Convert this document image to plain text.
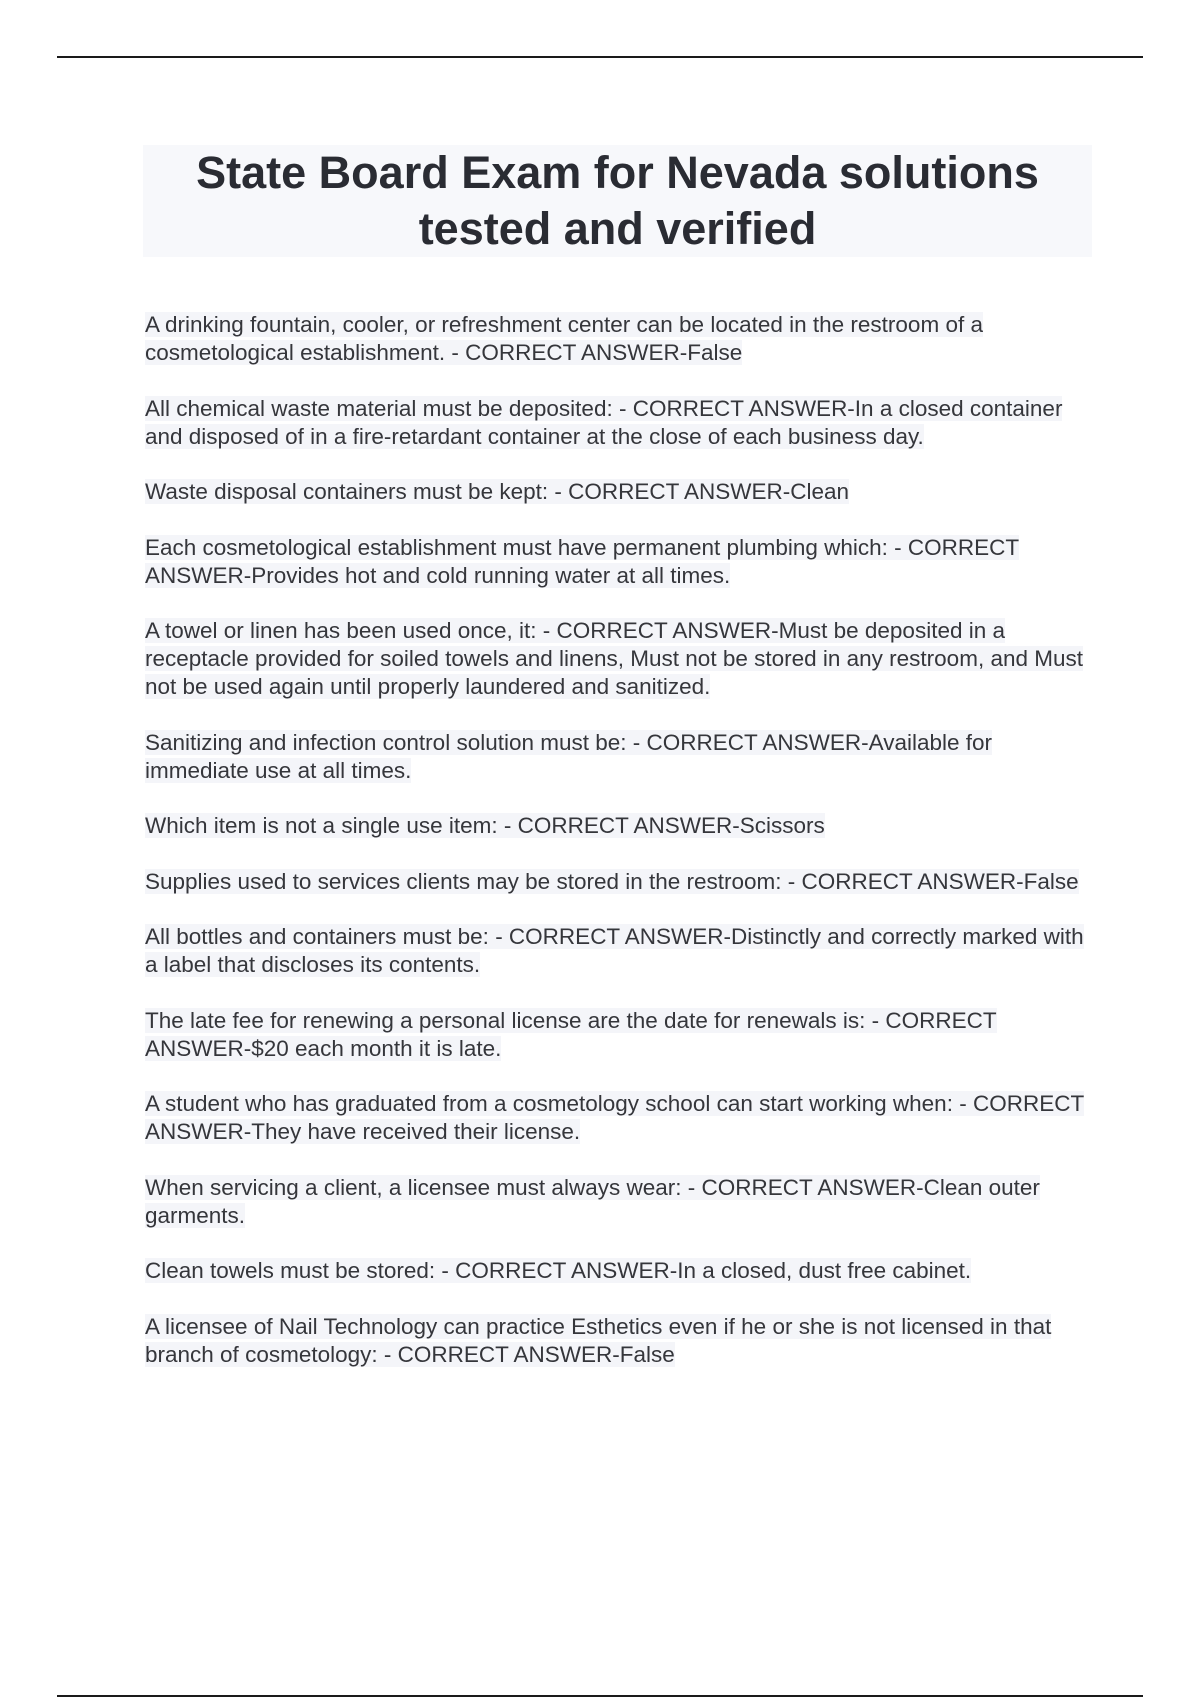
State Board Exam for Nevada solutions tested and verified

A drinking fountain, cooler, or refreshment center can be located in the restroom of a cosmetological establishment. - CORRECT ANSWER-False

All chemical waste material must be deposited: - CORRECT ANSWER-In a closed container and disposed of in a fire-retardant container at the close of each business day.

Waste disposal containers must be kept: - CORRECT ANSWER-Clean

Each cosmetological establishment must have permanent plumbing which: - CORRECT ANSWER-Provides hot and cold running water at all times.

A towel or linen has been used once, it: - CORRECT ANSWER-Must be deposited in a receptacle provided for soiled towels and linens, Must not be stored in any restroom, and Must not be used again until properly laundered and sanitized.

Sanitizing and infection control solution must be: - CORRECT ANSWER-Available for immediate use at all times.

Which item is not a single use item: - CORRECT ANSWER-Scissors

Supplies used to services clients may be stored in the restroom: - CORRECT ANSWER-False

All bottles and containers must be: - CORRECT ANSWER-Distinctly and correctly marked with a label that discloses its contents.

The late fee for renewing a personal license are the date for renewals is: - CORRECT ANSWER-$20 each month it is late.

A student who has graduated from a cosmetology school can start working when: - CORRECT ANSWER-They have received their license.

When servicing a client, a licensee must always wear: - CORRECT ANSWER-Clean outer garments.

Clean towels must be stored: - CORRECT ANSWER-In a closed, dust free cabinet.

A licensee of Nail Technology can practice Esthetics even if he or she is not licensed in that branch of cosmetology: - CORRECT ANSWER-False
